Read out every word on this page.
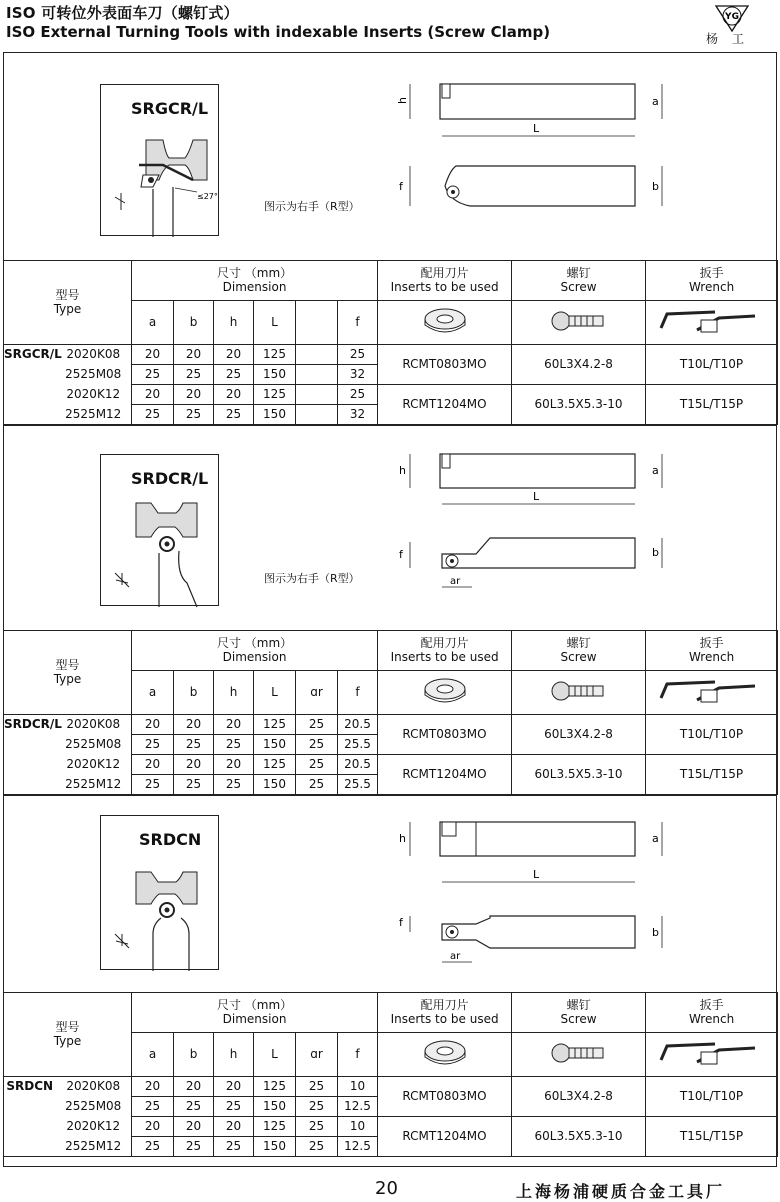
ISO 可转位外表面车刀（螺钉式）
ISO External Turning Tools with indexable Inserts (Screw Clamp)
YG
杨工
SRGCR/L
≤27°
h	a
L
f	b
图示为右手（R型）
型号
Type	尺寸 （mm）
Dimension						配用刀片
Inserts to be used	螺钉
Screw	扳手
Wrench
	a	b	h	L		f			
SRGCR/L	2020K08	20	20	20	125		25	RCMT0803MO	60L3X4.2-8	T10L/T10P
	2525M08	25	25	25	150		32			
	2020K12	20	20	20	125		25	RCMT1204MO	60L3.5X5.3-10	T15L/T15P
	2525M12	25	25	25	150		32			
SRDCR/L	h	a
L
ar
f	b
图示为右手（R型）
型号
Type	尺寸 （mm）
Dimension						配用刀片
Inserts to be used	螺钉
Screw	扳手
Wrench
	a	b	h	L	ɑr	f			
SRDCR/L	2020K08	20	20	20	125	25	20.5	RCMT0803MO	60L3X4.2-8	T10L/T10P
	2525M08	25	25	25	150	25	25.5			
	2020K12	20	20	20	125	25	20.5	RCMT1204MO	60L3.5X5.3-10	T15L/T15P
	2525M12	25	25	25	150	25	25.5			
SRDCN	h	a
L
ar
f
b
型号
Type	尺寸 （mm）
Dimension						配用刀片
Inserts to be used	螺钉
Screw	扳手
Wrench
	a	b	h	L	ɑr	f			
SRDCN	2020K08	20	20	20	125	25	10	RCMT0803MO	60L3X4.2-8	T10L/T10P
	2525M08	25	25	25	150	25	12.5			
	2020K12	20	20	20	125	25	10	RCMT1204MO	60L3.5X5.3-10	T15L/T15P
	2525M12	25	25	25	150	25	12.5			
20	上海杨浦硬质合金工具厂
